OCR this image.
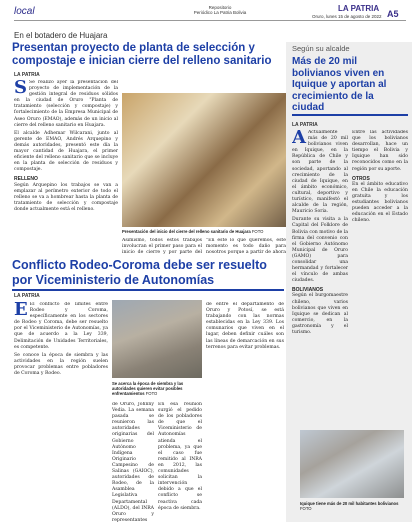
local	Repositorio
Periódico La Patria Bolivia	LA PATRIA
Oruro, lunes 15 de agosto de 2022 A5
En el botadero de Huajara
Presentan proyecto de planta de selección y compostaje e inician cierre del relleno sanitario
LA PATRIA
S Se realizó ayer la presentación del proyecto de implementación de la gestión integral de residuos sólidos en la ciudad de Oruro "Planta de tratamiento (selección y compostaje) y fortalecimiento de la Empresa Municipal de Aseo Oruro (EMAO), además de un inicio al cierre del relleno sanitario en Huajara.

El alcalde Adhemar Wilcarani, junto al gerente de EMAO, Andrés Arquepino y demás autoridades, presentó este día la mayor cantidad de Huajara, el primer eficiente del relleno sanitario que se incluye en la planta de selección de residuos y compostaje.

RELLENO

Según Arquepino los trabajos se van a emplazar al perímetro exterior de todo el relleno se va a hombrear hasta la planta de tratamiento de selección y compostaje donde actualmente está el relleno.

Presentación del inicio del cierre del relleno sanitario de Huajara FOTO
Asimismo, todos estos trabajos involucran el primer paso para el inicio de cierre y por parte del
"En este lo que queremos, este momento es todo daño para nosotros porque a partir de ahora
Según su alcalde
Más de 20 mil bolivianos viven en Iquique y aportan al crecimiento de la ciudad
LA PATRIA
A Actualmente más de 20 mil bolivianos viven en Iquique, en la República de Chile y son parte de la sociedad, aportando al crecimiento de la ciudad de Iquique, en el ámbito económico, cultural, deportivo y turístico, manifestó el alcalde de la región, Mauricio Soria.

Durante su visita a la Capital del Folklore de Bolivia con motivo de la firma del convenio con el Gobierno Autónomo Municipal de Oruro (GAMO) para consolidar una hermandad y fortalecer el vínculo de ambas ciudades.

BOLIVIANOS

Según el burgomaestre chileno, varios bolivianos que viven en Iquique se dedican al comercio, en la gastronomía y el turismo.

Entre las actividades que los bolivianos desarrollan, hace un tiempo el Bolivia y Iquique han sido reconocidos como en la región por su aporte.

OTROS

En el ámbito educativo en Chile la educación gratuita y los estudiantes bolivianos pueden acceder a la educación en el Estado chileno.

Iquique tiene más de 20 mil habitantes bolivianos FOTO
Conflicto Rodeo-Coroma debe ser resuelto por Viceministerio de Autonomías
LA PATRIA
E El conflicto de límites entre Rodeo y Coroma, específicamente en los sectores de Rodeo y Coroma, debe ser resuelto por el Viceministerio de Autonomías, ya que de acuerdo a la Ley 339, Delimitación de Unidades Territoriales, es competente.

Se conoce la época de siembra y las actividades en la región suelen provocar problemas entre pobladores de Coroma y Rodeo.

Se acerca la época de siembra y las autoridades quieren evitar posibles enfrentamientos FOTO
de Oruro, Johnny Vedia. La semana pasada se reunieron las autoridades originarias del Gobierno Autónomo Indígena Originario Campesino de Salinas (GAIOC), autoridades de Rodeo, de la Asamblea Legislativa Departamental (ALDO), del INRA Oruro y representantes
En esa reunión surgió el pedido de los pobladores de que el Viceministerio de Autonomías atienda el problema, ya que el caso fue remitido al INRA en 2012, las comunidades solicitan la intervención debido a que el conflicto se reactiva cada época de siembra.
de entre el departamento de Oruro y Potosí, se está trabajando con las normas establecidas en la Ley 339. Los comunarios que viven en el lugar, deben definir cuáles son las líneas de demarcación en sus terrenos para evitar problemas.
